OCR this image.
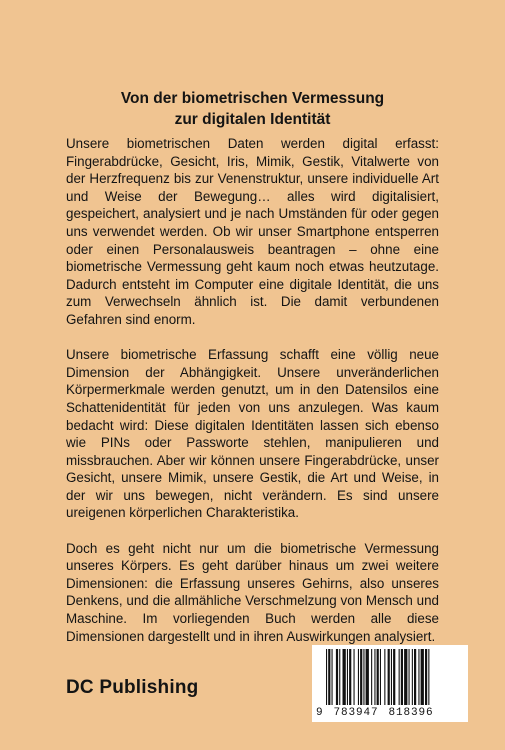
Von der biometrischen Vermessung
zur digitalen Identität

Unsere biometrischen Daten werden digital erfasst: Fingerabdrücke, Gesicht, Iris, Mimik, Gestik, Vitalwerte von der Herzfrequenz bis zur Venenstruktur, unsere individuelle Art und Weise der Bewegung… alles wird digitalisiert, gespeichert, analysiert und je nach Umständen für oder gegen uns verwendet werden. Ob wir unser Smartphone entsperren oder einen Personalausweis beantragen – ohne eine biometrische Vermessung geht kaum noch etwas heutzutage. Dadurch entsteht im Computer eine digitale Identität, die uns zum Verwechseln ähnlich ist. Die damit verbundenen Gefahren sind enorm.

Unsere biometrische Erfassung schafft eine völlig neue Dimension der Abhängigkeit. Unsere unveränderlichen Körpermerkmale werden genutzt, um in den Datensilos eine Schattenidentität für jeden von uns anzulegen. Was kaum bedacht wird: Diese digitalen Identitäten lassen sich ebenso wie PINs oder Passworte stehlen, manipulieren und missbrauchen. Aber wir können unsere Fingerabdrücke, unser Gesicht, unsere Mimik, unsere Gestik, die Art und Weise, in der wir uns bewegen, nicht verändern. Es sind unsere ureigenen körperlichen Charakteristika.

Doch es geht nicht nur um die biometrische Vermessung unseres Körpers. Es geht darüber hinaus um zwei weitere Dimensionen: die Erfassung unseres Gehirns, also unseres Denkens, und die allmähliche Verschmelzung von Mensch und Maschine. Im vorliegenden Buch werden alle diese Dimensionen dargestellt und in ihren Auswirkungen analysiert.

DC Publishing
9 783947 818396
